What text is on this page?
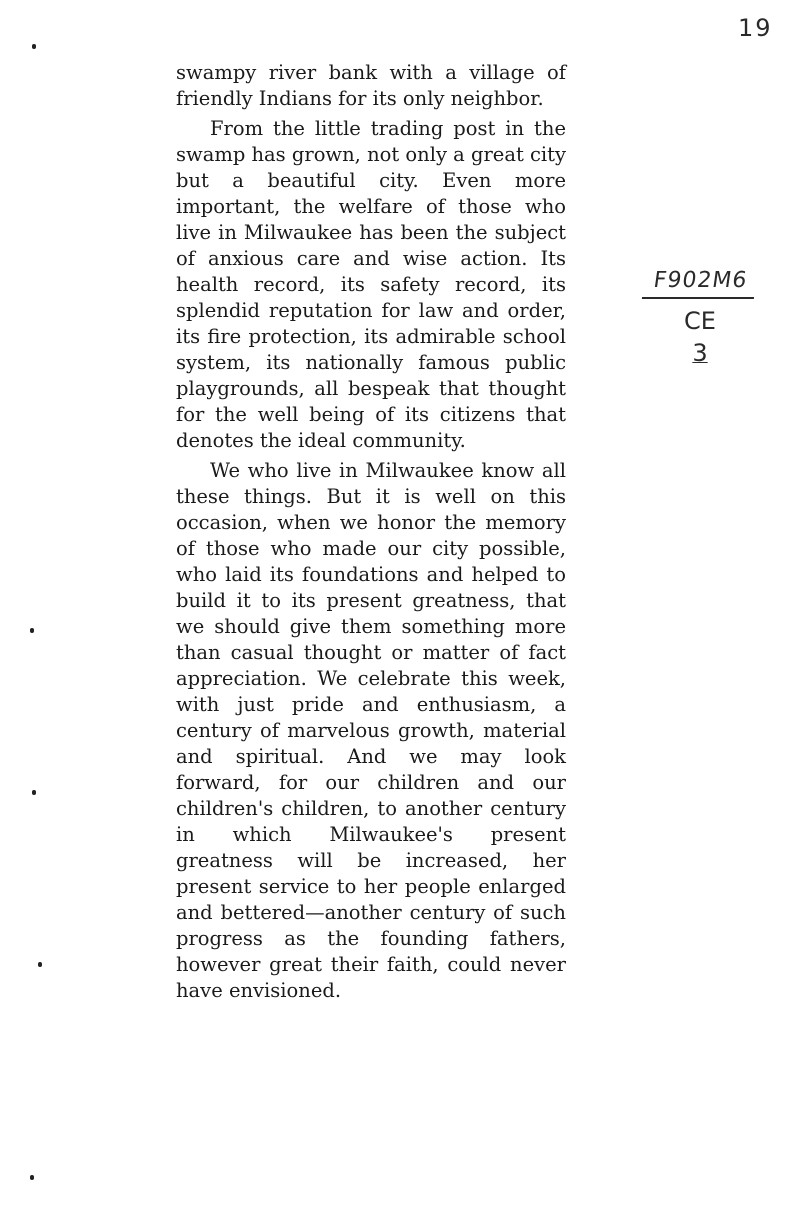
19
F902M6
CE
3

swampy river bank with a village of friendly Indians for its only neighbor.

From the little trading post in the swamp has grown, not only a great city but a beautiful city. Even more important, the welfare of those who live in Milwaukee has been the subject of anxious care and wise action. Its health record, its safety record, its splendid reputation for law and order, its fire protection, its admirable school system, its nationally famous public playgrounds, all bespeak that thought for the well being of its citizens that denotes the ideal community.

We who live in Milwaukee know all these things. But it is well on this occasion, when we honor the memory of those who made our city possible, who laid its foundations and helped to build it to its present greatness, that we should give them something more than casual thought or matter of fact appreciation. We celebrate this week, with just pride and enthusiasm, a century of marvelous growth, material and spiritual. And we may look forward, for our children and our children's children, to another century in which Milwaukee's present greatness will be increased, her present service to her people enlarged and bettered—another century of such progress as the founding fathers, however great their faith, could never have envisioned.
